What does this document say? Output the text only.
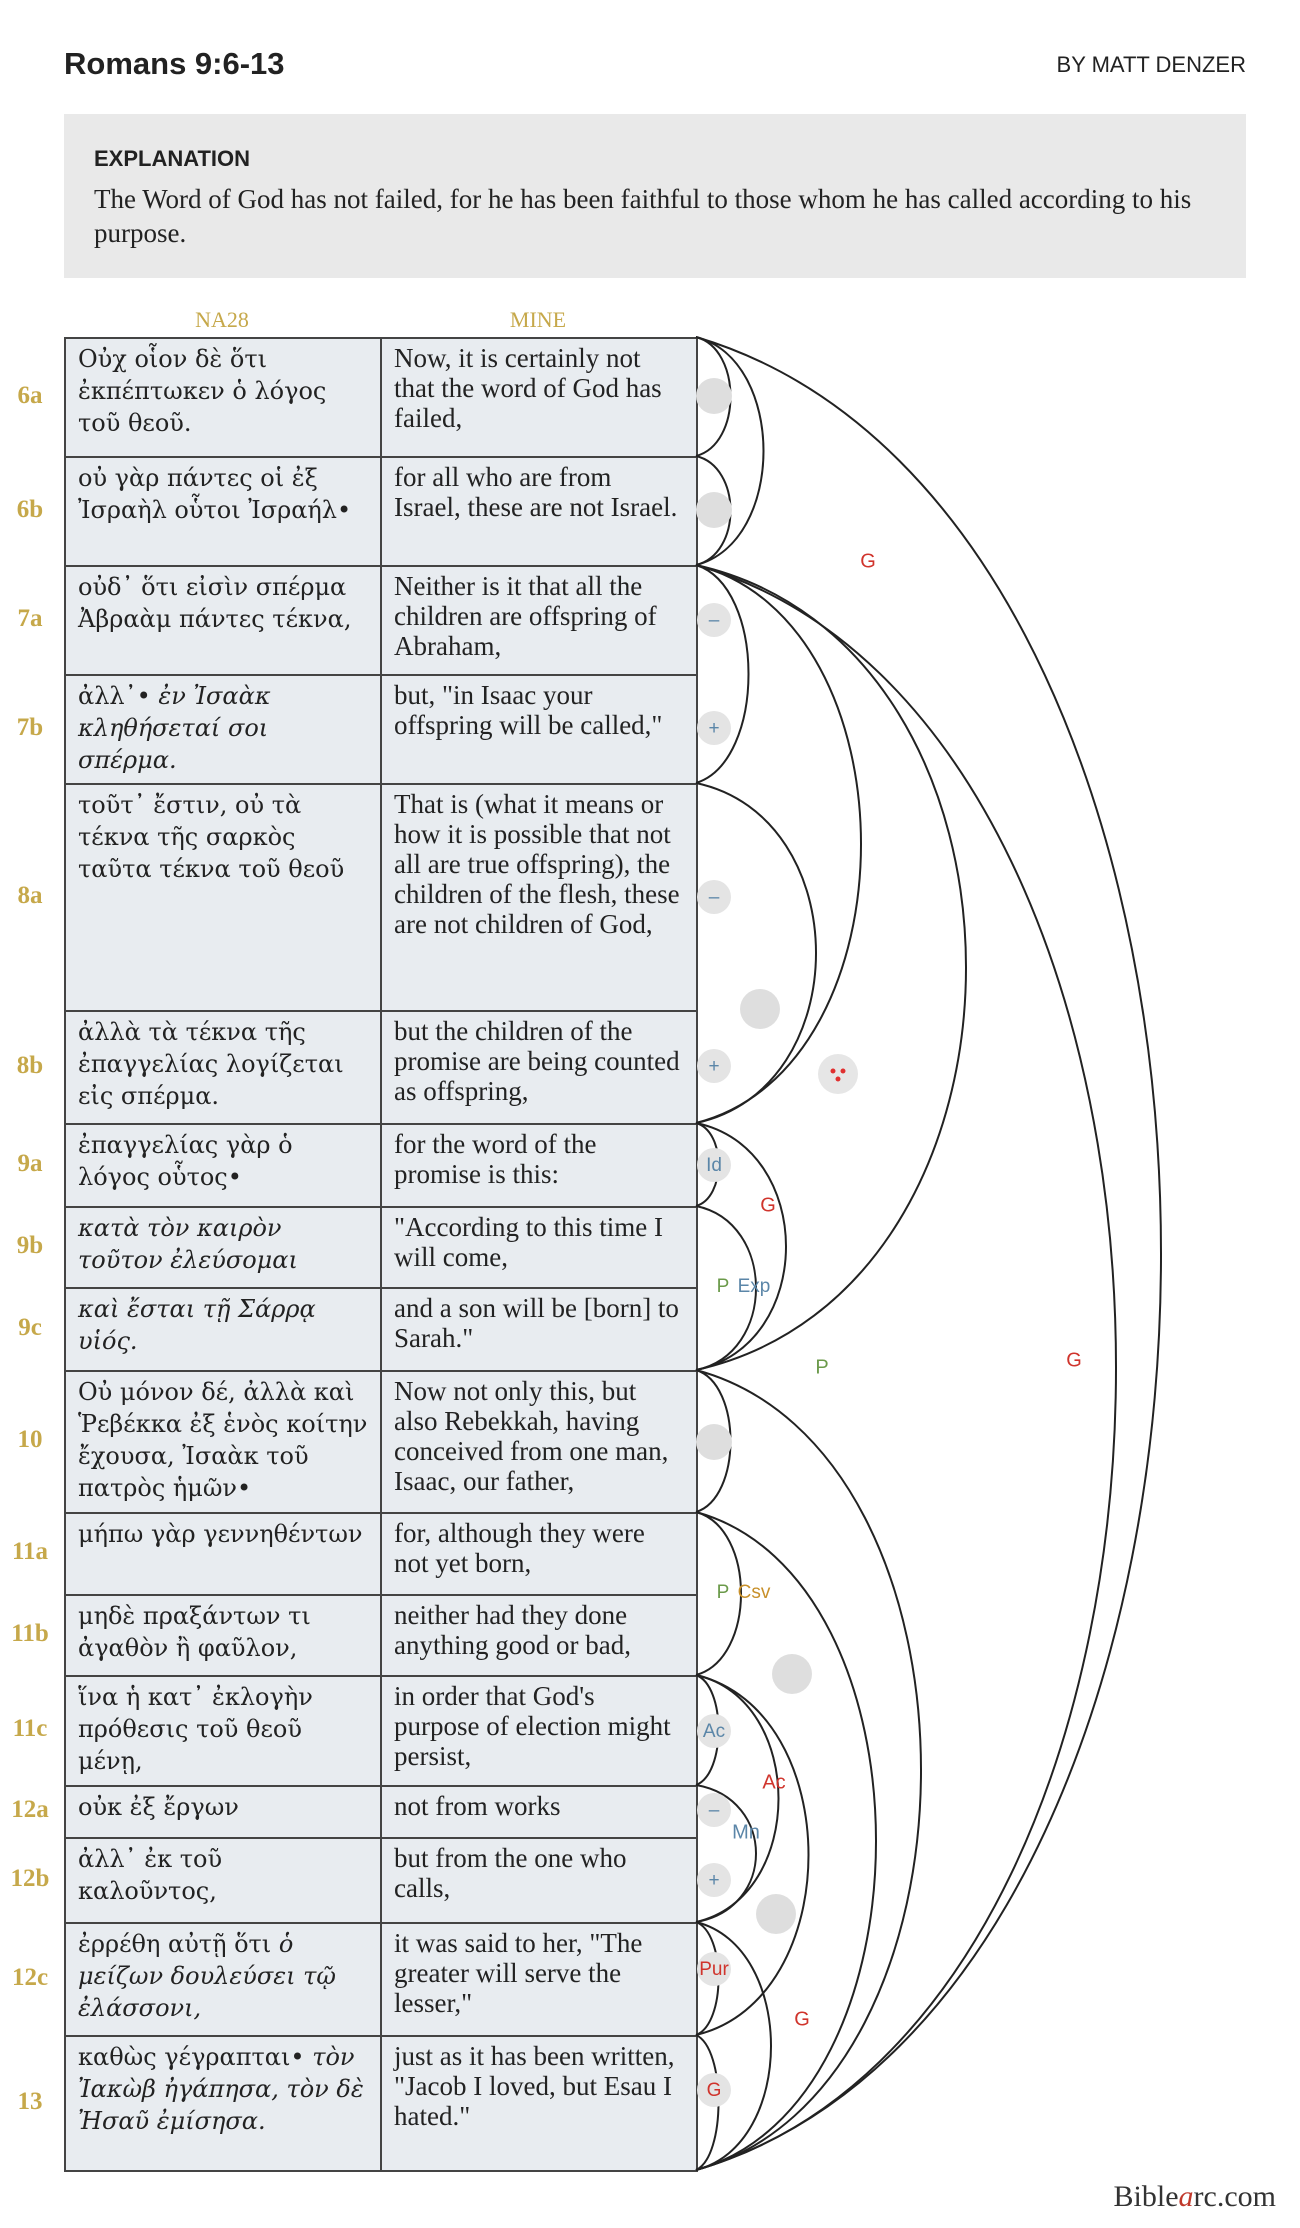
Romans 9:6-13	BY MATT DENZER
EXPLANATION
The Word of God has not failed, for he has been faithful to those whom he has called according to his purpose.
NA28	MINE
Οὐχ οἷον δὲ ὅτι ἐκπέπτωκεν ὁ λόγος τοῦ θεοῦ.	Now, it is certainly not that the word of God has failed,
οὐ γὰρ πάντες οἱ ἐξ Ἰσραὴλ οὗτοι Ἰσραήλ•	for all who are from Israel, these are not Israel.
οὐδ᾽ ὅτι εἰσὶν σπέρμα Ἀβραὰμ πάντες τέκνα,	Neither is it that all the children are offspring of Abraham,
ἀλλ᾽• ἐν Ἰσαὰκ κληθήσεταί σοι σπέρμα.	but, "in Isaac your offspring will be called,"
τοῦτ᾽ ἔστιν, οὐ τὰ τέκνα τῆς σαρκὸς ταῦτα τέκνα τοῦ θεοῦ	That is (what it means or how it is possible that not all are true offspring), the children of the flesh, these are not children of God,
ἀλλὰ τὰ τέκνα τῆς ἐπαγγελίας λογίζεται εἰς σπέρμα.	but the children of the promise are being counted as offspring,
ἐπαγγελίας γὰρ ὁ λόγος οὗτος•	for the word of the promise is this:
κατὰ τὸν καιρὸν τοῦτον ἐλεύσομαι	"According to this time I will come,
καὶ ἔσται τῇ Σάρρᾳ υἱός.	and a son will be [born] to Sarah."
Οὐ μόνον δέ, ἀλλὰ καὶ Ῥεβέκκα ἐξ ἑνὸς κοίτην ἔχουσα, Ἰσαὰκ τοῦ πατρὸς ἡμῶν•	Now not only this, but also Rebekkah, having conceived from one man, Isaac, our father,
μήπω γὰρ γεννηθέντων	for, although they were not yet born,
μηδὲ πραξάντων τι ἀγαθὸν ἢ φαῦλον,	neither had they done anything good or bad,
ἵνα ἡ κατ᾽ ἐκλογὴν πρόθεσις τοῦ θεοῦ μένῃ,	in order that God's purpose of election might persist,
οὐκ ἐξ ἔργων	not from works
ἀλλ᾽ ἐκ τοῦ καλοῦντος,	but from the one who calls,
ἐρρέθη αὐτῇ ὅτι ὁ μείζων δουλεύσει τῷ ἐλάσσονι,	it was said to her, "The greater will serve the lesser,"
καθὼς γέγραπται• τὸν Ἰακὼβ ἠγάπησα, τὸν δὲ Ἠσαῦ ἐμίσησα.	just as it has been written, "Jacob I loved, but Esau I hated."
6a
6b
7a
7b
8a
8b
9a
9b
9c
10
11a
11b
11c
12a
12b
12c
13
–
+
–
+
Id
Ac
–
+
Pur
G
G
G
P	G
Ac
Mn
G
P Exp
P Csv
Biblearc.com
